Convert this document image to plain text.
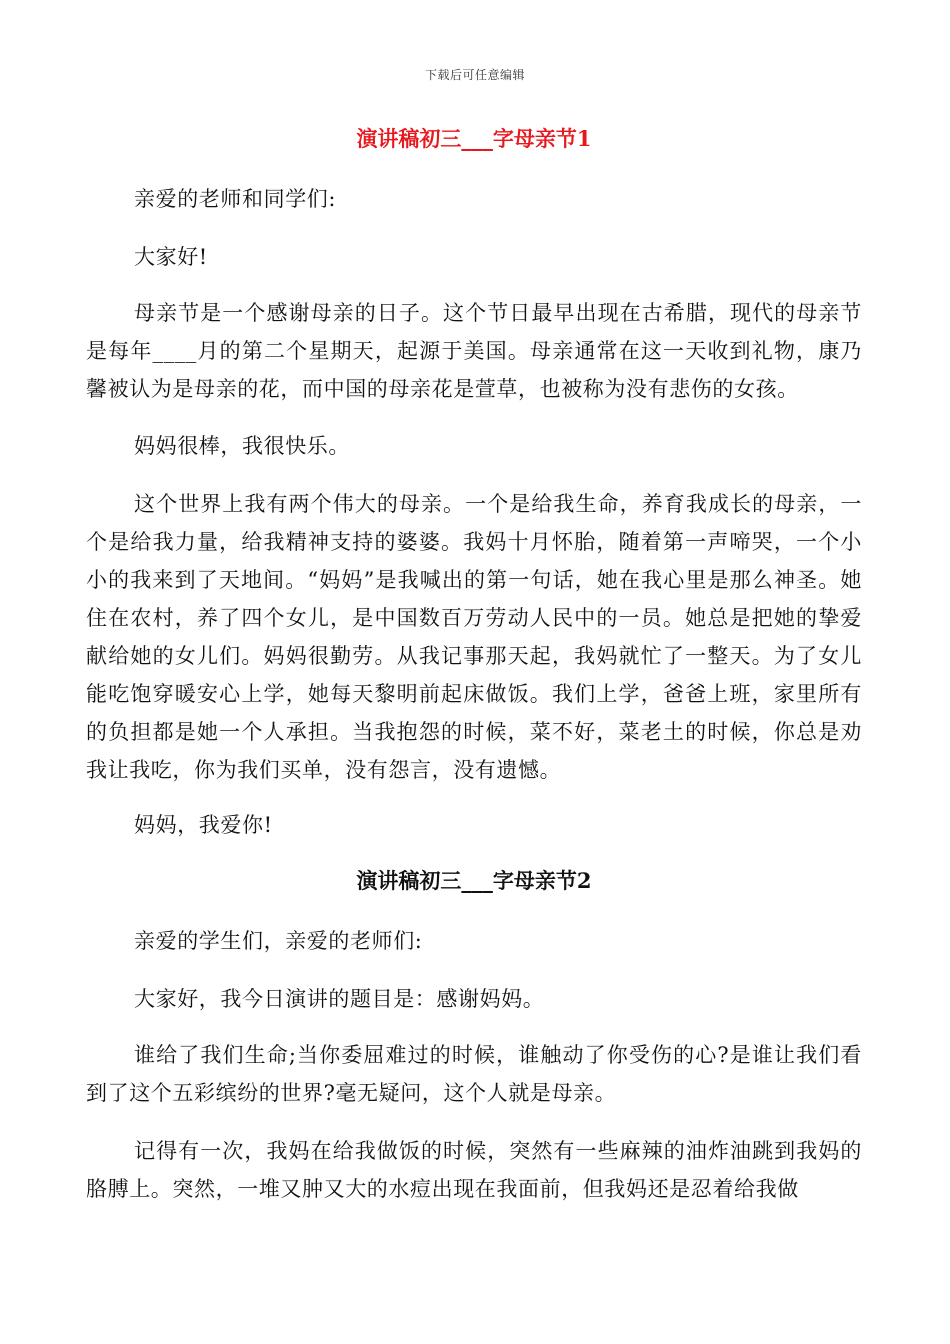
下载后可任意编辑
演讲稿初三___字母亲节1

亲爱的老师和同学们:

大家好!

母亲节是一个感谢母亲的日子。这个节日最早出现在古希腊，现代的母亲节是每年____月的第二个星期天，起源于美国。母亲通常在这一天收到礼物，康乃馨被认为是母亲的花，而中国的母亲花是萱草，也被称为没有悲伤的女孩。

妈妈很棒，我很快乐。

这个世界上我有两个伟大的母亲。一个是给我生命，养育我成长的母亲，一个是给我力量，给我精神支持的婆婆。我妈十月怀胎，随着第一声啼哭，一个小小的我来到了天地间。“妈妈”是我喊出的第一句话，她在我心里是那么神圣。她住在农村，养了四个女儿，是中国数百万劳动人民中的一员。她总是把她的挚爱献给她的女儿们。妈妈很勤劳。从我记事那天起，我妈就忙了一整天。为了女儿能吃饱穿暖安心上学，她每天黎明前起床做饭。我们上学，爸爸上班，家里所有的负担都是她一个人承担。当我抱怨的时候，菜不好，菜老土的时候，你总是劝我让我吃，你为我们买单，没有怨言，没有遗憾。

妈妈，我爱你!

演讲稿初三___字母亲节2

亲爱的学生们，亲爱的老师们:

大家好，我今日演讲的题目是：感谢妈妈。

谁给了我们生命;当你委屈难过的时候，谁触动了你受伤的心?是谁让我们看到了这个五彩缤纷的世界?毫无疑问，这个人就是母亲。

记得有一次，我妈在给我做饭的时候，突然有一些麻辣的油炸油跳到我妈的胳膊上。突然，一堆又肿又大的水痘出现在我面前，但我妈还是忍着给我做
